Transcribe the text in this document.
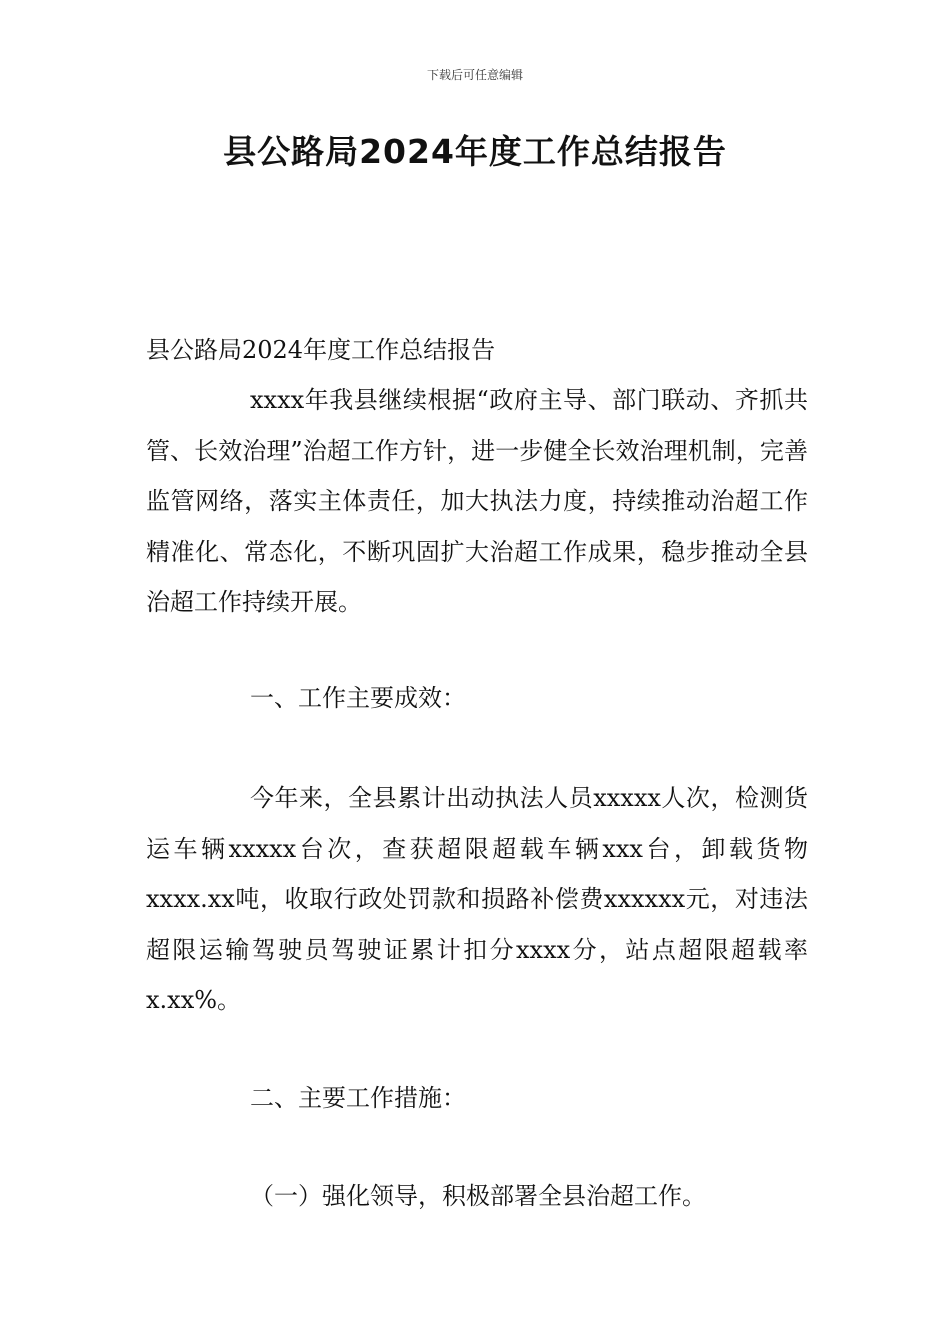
下载后可任意编辑
县公路局2024年度工作总结报告

县公路局2024年度工作总结报告

xxxx年我县继续根据“政府主导、部门联动、齐抓共管、长效治理”治超工作方针，进一步健全长效治理机制，完善监管网络，落实主体责任，加大执法力度，持续推动治超工作精准化、常态化，不断巩固扩大治超工作成果，稳步推动全县治超工作持续开展。

一、工作主要成效：

今年来，全县累计出动执法人员xxxxx人次，检测货运车辆xxxxx台次，查获超限超载车辆xxx台，卸载货物xxxx.xx吨，收取行政处罚款和损路补偿费xxxxxx元，对违法超限运输驾驶员驾驶证累计扣分xxxx分，站点超限超载率x.xx%。

二、主要工作措施：

（一）强化领导，积极部署全县治超工作。
